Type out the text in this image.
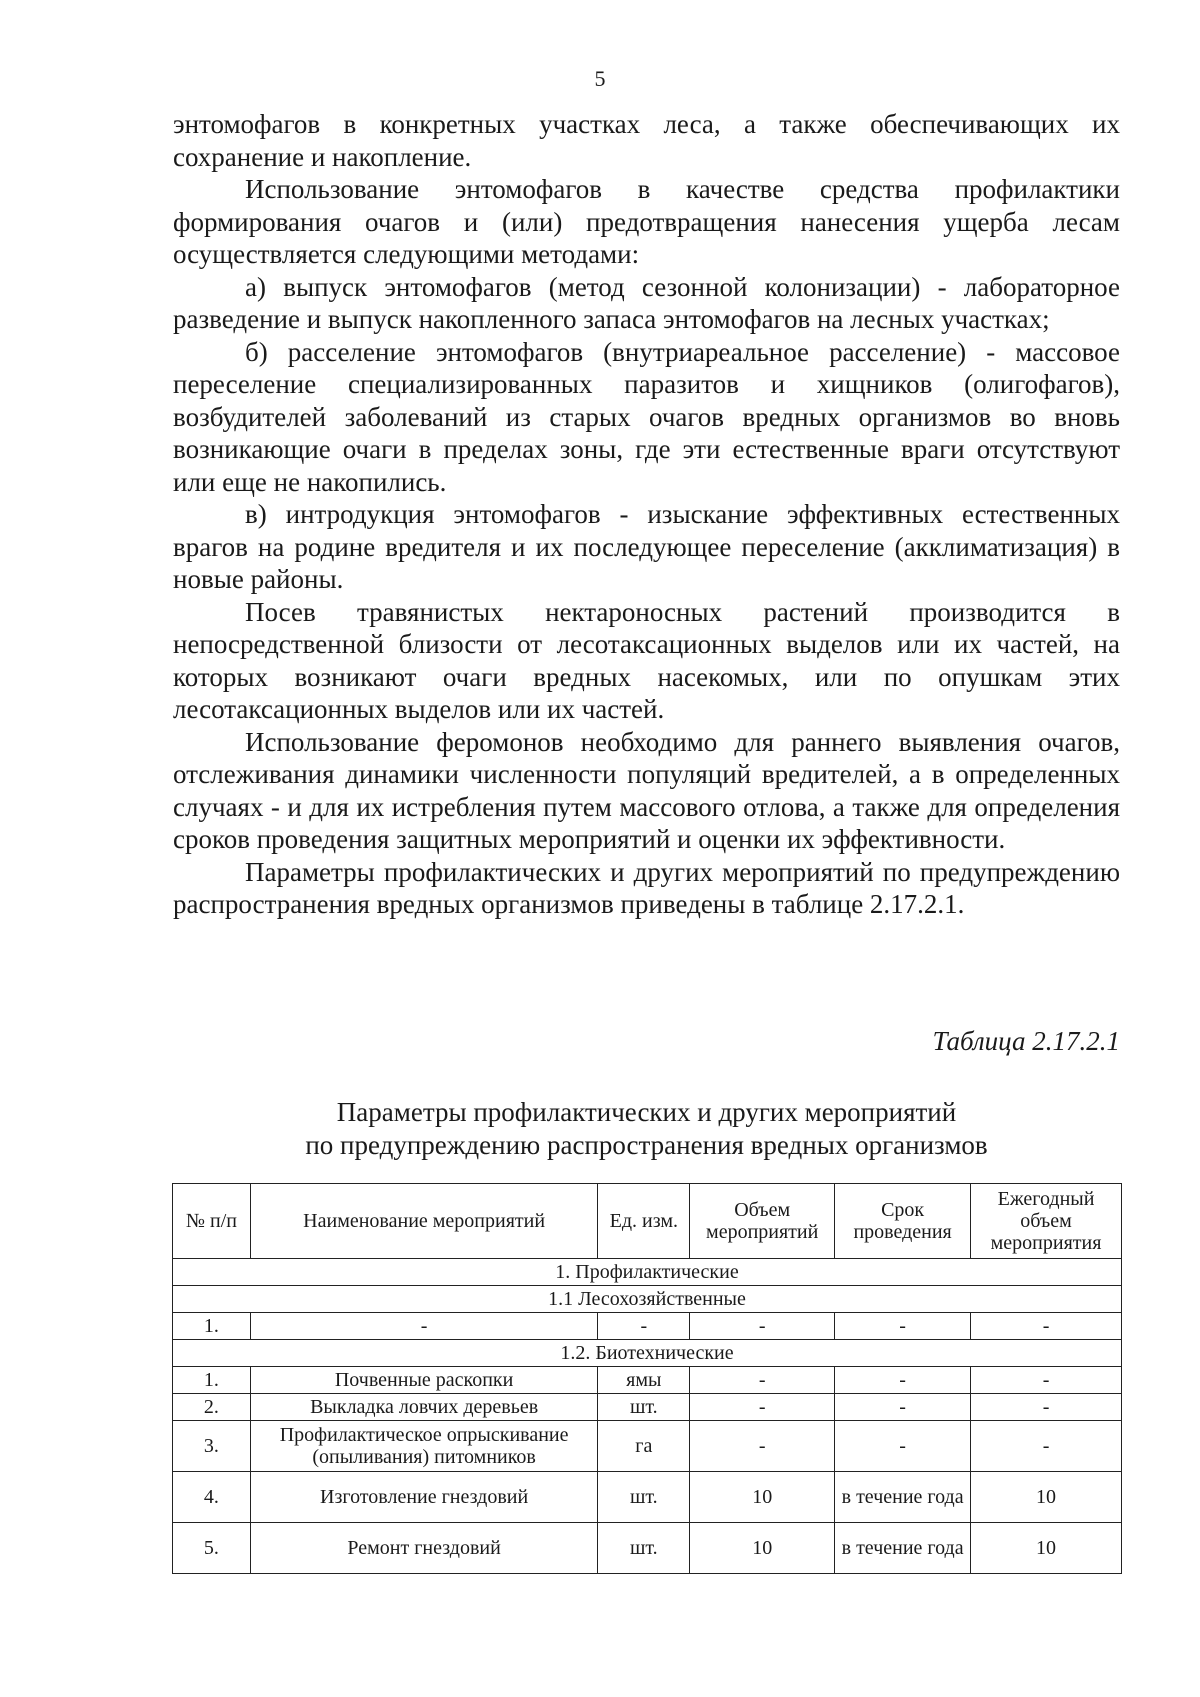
5

энтомофагов в конкретных участках леса, а также обеспечивающих их сохранение и накопление.

Использование энтомофагов в качестве средства профилактики формирования очагов и (или) предотвращения нанесения ущерба лесам осуществляется следующими методами:

а) выпуск энтомофагов (метод сезонной колонизации) - лабораторное разведение и выпуск накопленного запаса энтомофагов на лесных участках;

б) расселение энтомофагов (внутриареальное расселение) - массовое переселение специализированных паразитов и хищников (олигофагов), возбудителей заболеваний из старых очагов вредных организмов во вновь возникающие очаги в пределах зоны, где эти естественные враги отсутствуют или еще не накопились.

в) интродукция энтомофагов - изыскание эффективных естественных врагов на родине вредителя и их последующее переселение (акклиматизация) в новые районы.

Посев травянистых нектароносных растений производится в непосредственной близости от лесотаксационных выделов или их частей, на которых возникают очаги вредных насекомых, или по опушкам этих лесотаксационных выделов или их частей.

Использование феромонов необходимо для раннего выявления очагов, отслеживания динамики численности популяций вредителей, а в определенных случаях - и для их истребления путем массового отлова, а также для определения сроков проведения защитных мероприятий и оценки их эффективности.

Параметры профилактических и других мероприятий по предупреждению распространения вредных организмов приведены в таблице 2.17.2.1.

Таблица 2.17.2.1
Параметры профилактических и других мероприятий
по предупреждению распространения вредных организмов
№ п/п	Наименование мероприятий	Ед. изм.	Объем мероприятий	Срок проведения	Ежегодный объем мероприятия
1. Профилактические					
1.1 Лесохозяйственные					
1.	-	-	-	-	-
1.2. Биотехнические					
1.	Почвенные раскопки	ямы	-	-	-
2.	Выкладка ловчих деревьев	шт.	-	-	-
3.	Профилактическое опрыскивание (опыливания) питомников	га	-	-	-
4.	Изготовление гнездовий	шт.	10	в течение года	10
5.	Ремонт гнездовий	шт.	10	в течение года	10
